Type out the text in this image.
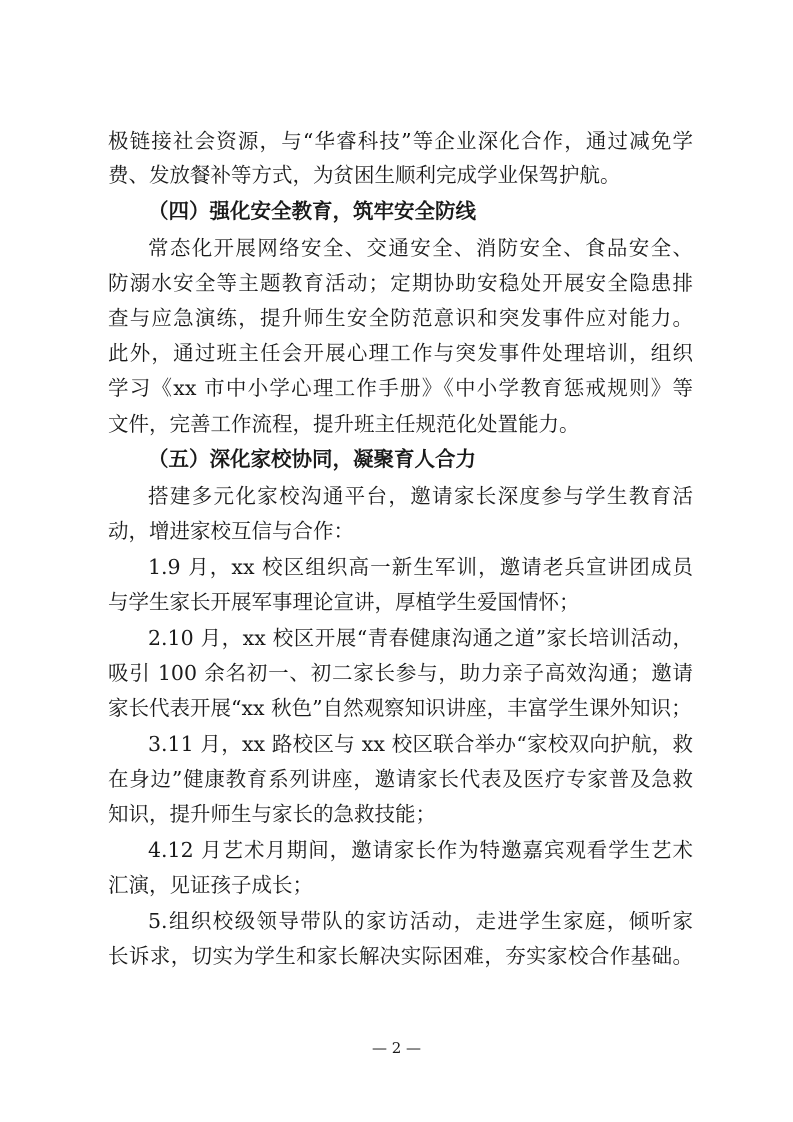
极链接社会资源，与“华睿科技”等企业深化合作，通过减免学
费、发放餐补等方式，为贫困生顺利完成学业保驾护航。
（四）强化安全教育，筑牢安全防线
常态化开展网络安全、交通安全、消防安全、食品安全、
防溺水安全等主题教育活动；定期协助安稳处开展安全隐患排
查与应急演练，提升师生安全防范意识和突发事件应对能力。
此外，通过班主任会开展心理工作与突发事件处理培训，组织
学习《xx 市中小学心理工作手册》《中小学教育惩戒规则》等
文件，完善工作流程，提升班主任规范化处置能力。
（五）深化家校协同，凝聚育人合力
搭建多元化家校沟通平台，邀请家长深度参与学生教育活
动，增进家校互信与合作：
1.9 月，xx 校区组织高一新生军训，邀请老兵宣讲团成员
与学生家长开展军事理论宣讲，厚植学生爱国情怀；
2.10 月，xx 校区开展“青春健康沟通之道”家长培训活动，
吸引 100 余名初一、初二家长参与，助力亲子高效沟通；邀请
家长代表开展“xx 秋色”自然观察知识讲座，丰富学生课外知识；
3.11 月，xx 路校区与 xx 校区联合举办“家校双向护航，救
在身边”健康教育系列讲座，邀请家长代表及医疗专家普及急救
知识，提升师生与家长的急救技能；
4.12 月艺术月期间，邀请家长作为特邀嘉宾观看学生艺术
汇演，见证孩子成长；
5.组织校级领导带队的家访活动，走进学生家庭，倾听家
长诉求，切实为学生和家长解决实际困难，夯实家校合作基础。
— 2 —
